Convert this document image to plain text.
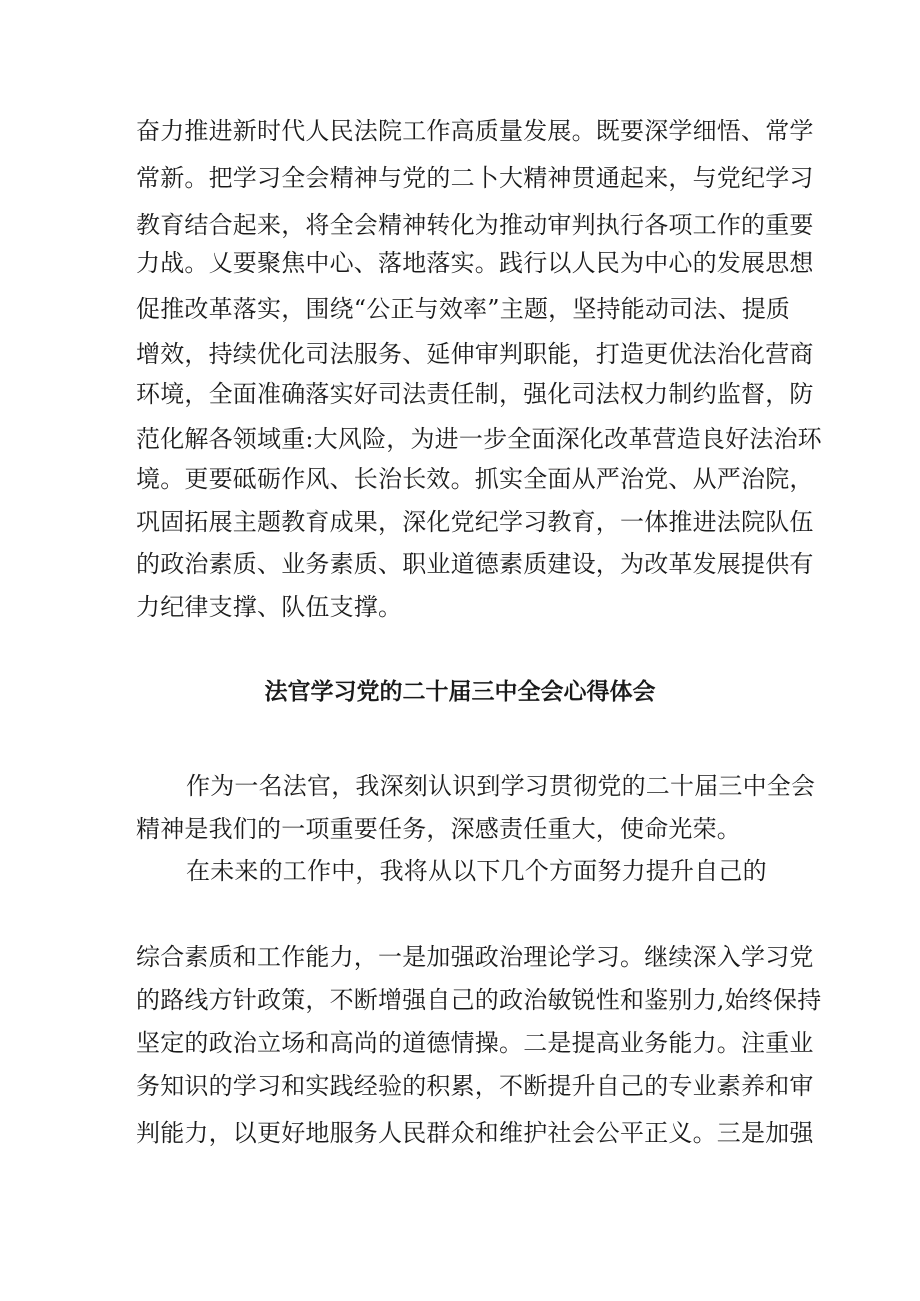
奋力推进新时代人民法院工作高质量发展。既要深学细悟、常学
常新。把学习全会精神与党的二卜大精神贯通起来，与党纪学习
教育结合起来，将全会精神转化为推动审判执行各项工作的重要
力战。乂要聚焦中心、落地落实。践行以人民为中心的发展思想
促推改革落实，围绕“公正与效率”主题，坚持能动司法、提质
增效，持续优化司法服务、延伸审判职能，打造更优法治化营商
环境，全面准确落实好司法责任制，强化司法权力制约监督，防
范化解各领域重:大风险，为进一步全面深化改革营造良好法治环
境。更要砥砺作风、长治长效。抓实全面从严治党、从严治院，
巩固拓展主题教育成果，深化党纪学习教育，一体推进法院队伍
的政治素质、业务素质、职业道德素质建设，为改革发展提供有
力纪律支撑、队伍支撑。
法官学习党的二十届三中全会心得体会
作为一名法官，我深刻认识到学习贯彻党的二十届三中全会
精神是我们的一项重要任务，深感责任重大，使命光荣。
在未来的工作中，我将从以下几个方面努力提升自己的
综合素质和工作能力，一是加强政治理论学习。继续深入学习党
的路线方针政策，不断增强自己的政治敏锐性和鉴别力,始终保持
坚定的政治立场和高尚的道德情操。二是提高业务能力。注重业
务知识的学习和实践经验的积累，不断提升自己的专业素养和审
判能力，以更好地服务人民群众和维护社会公平正义。三是加强
